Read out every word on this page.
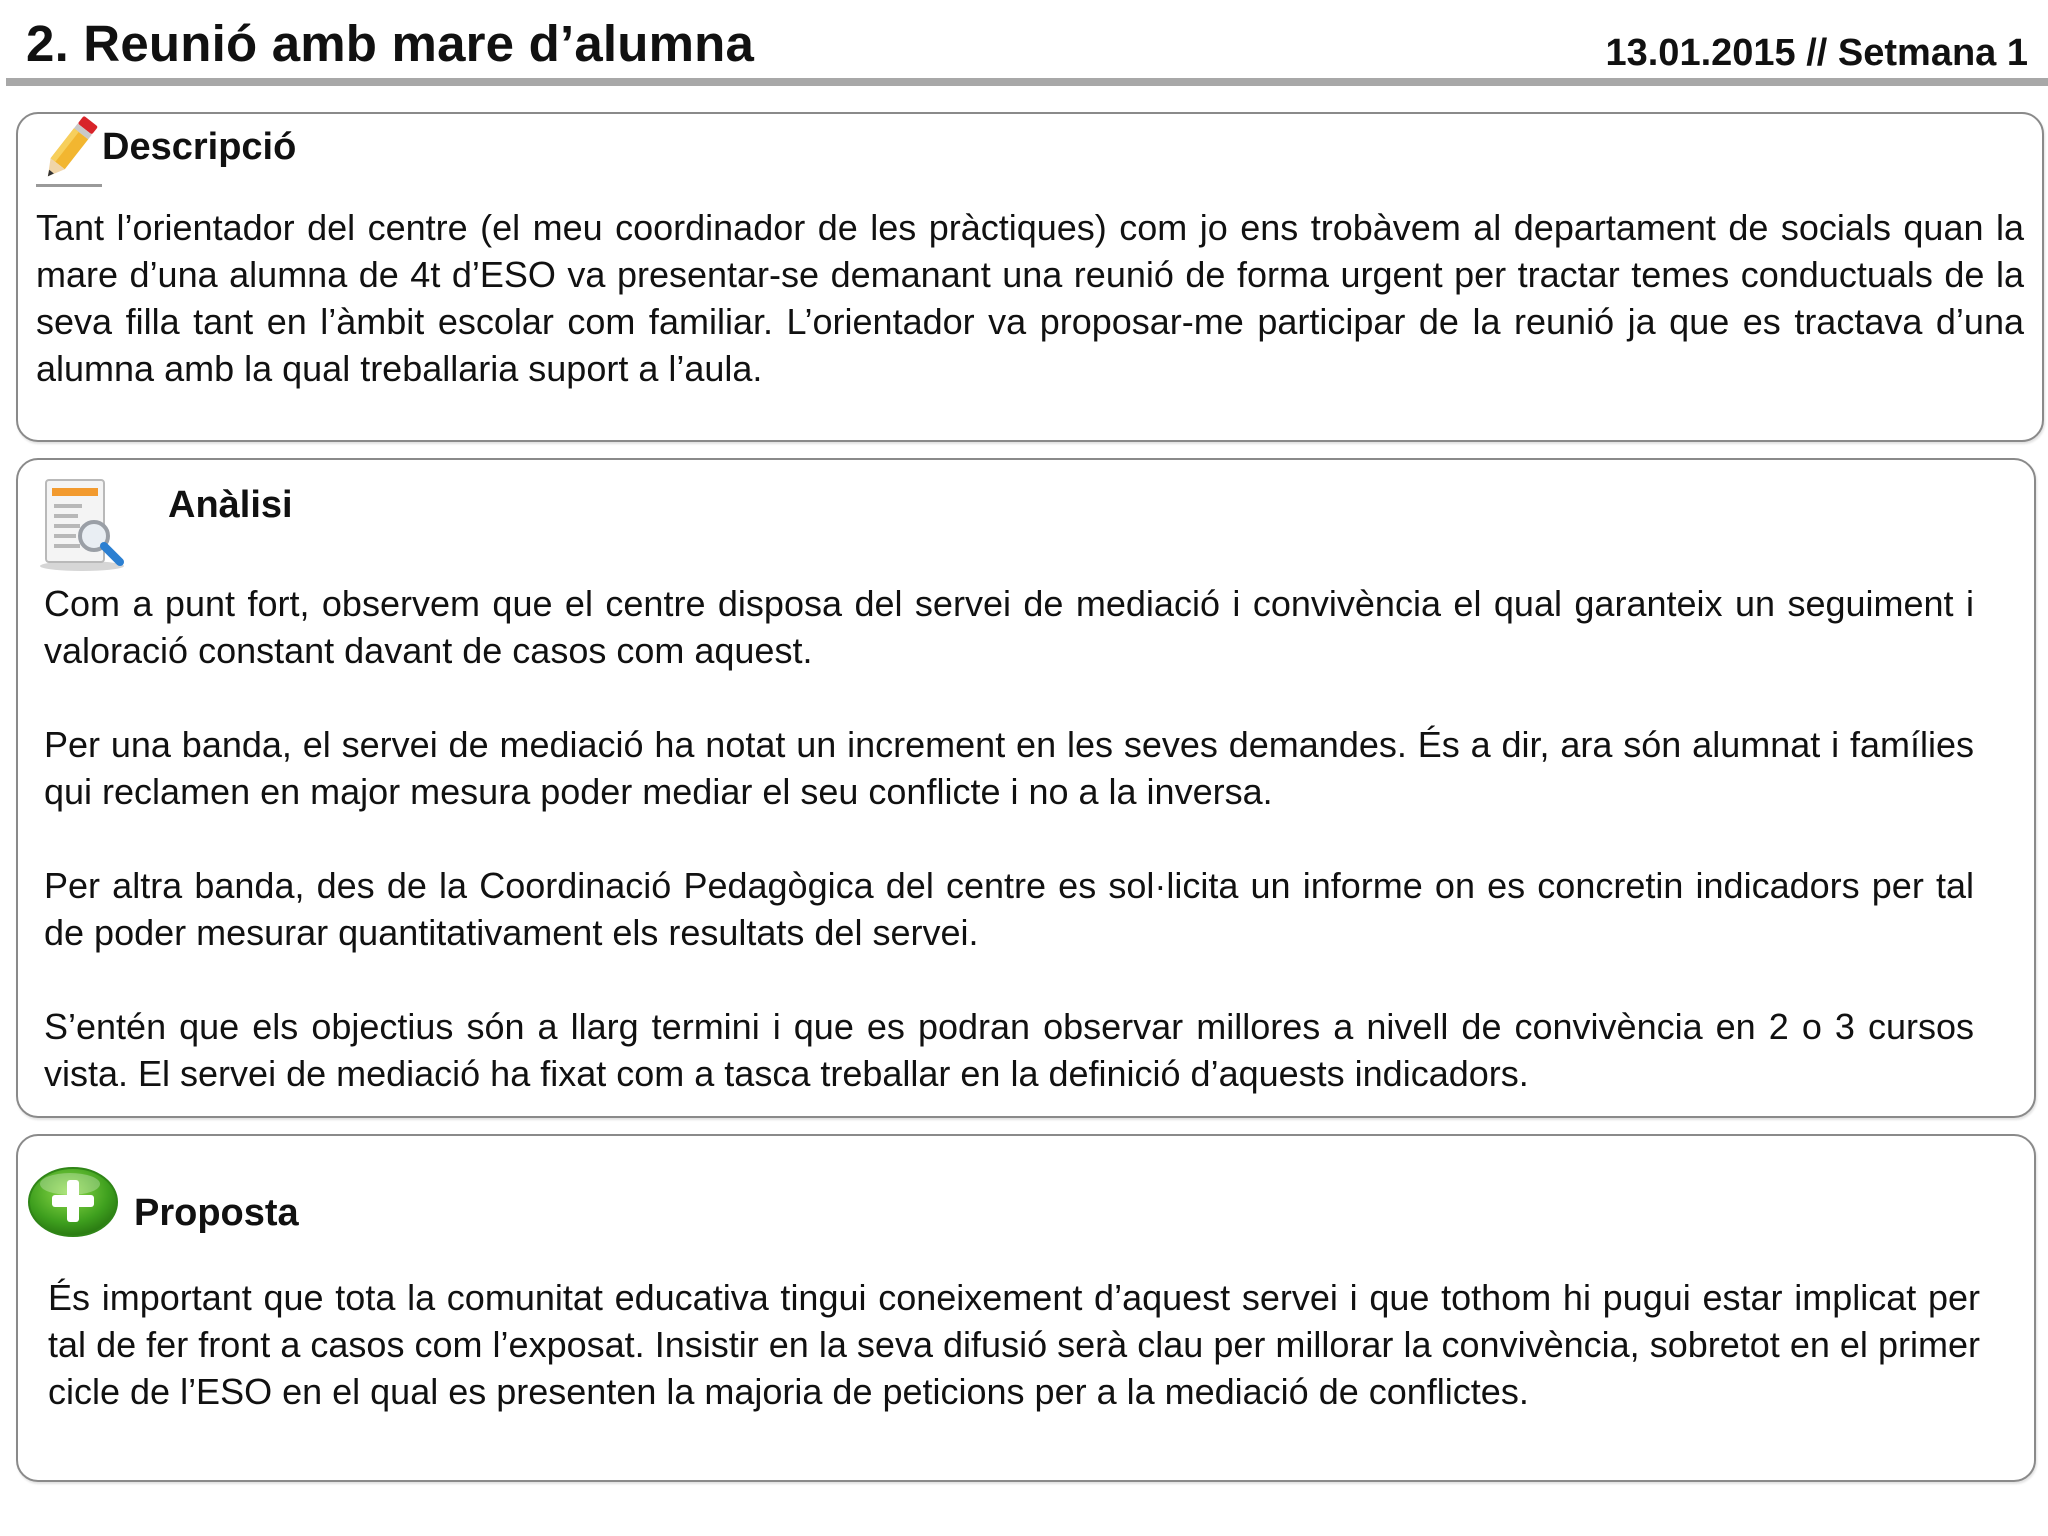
2. Reunió amb mare d’alumna	13.01.2015 // Setmana 1
Descripció
Tant l’orientador del centre (el meu coordinador de les pràctiques) com jo ens trobàvem al departament de socials quan la mare d’una alumna de 4t d’ESO va presentar-se demanant una reunió de forma urgent per tractar temes conductuals de la seva filla tant en l’àmbit escolar com familiar. L’orientador va proposar-me participar de la reunió ja que es tractava d’una alumna amb la qual treballaria suport a l’aula.
Anàlisi

Com a punt fort, observem que el centre disposa del servei de mediació i convivència el qual garanteix un seguiment i valoració constant davant de casos com aquest.

Per una banda, el servei de mediació ha notat un increment en les seves demandes. És a dir, ara són alumnat i famílies qui reclamen en major mesura poder mediar el seu conflicte i no a la inversa.

Per altra banda, des de la Coordinació Pedagògica del centre es sol·licita un informe on es concretin indicadors per tal de poder mesurar quantitativament els resultats del servei.

S’entén que els objectius són a llarg termini i que es podran observar millores a nivell de convivència en 2 o 3 cursos vista. El servei de mediació ha fixat com a tasca treballar en la definició d’aquests indicadors.

Proposta
És important que tota la comunitat educativa tingui coneixement d’aquest servei i que tothom hi pugui estar implicat per tal de fer front a casos com l’exposat. Insistir en la seva difusió serà clau per millorar la convivència, sobretot en el primer cicle de l’ESO en el qual es presenten la majoria de peticions per a la mediació de conflictes.
